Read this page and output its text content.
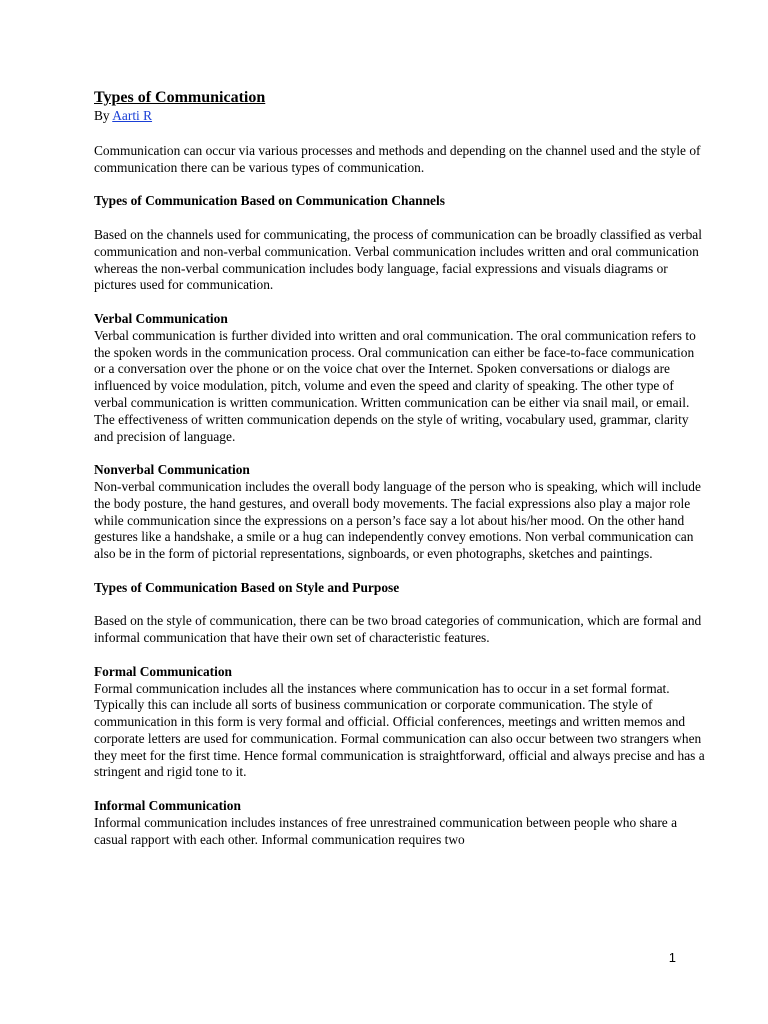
Types of Communication

By Aarti R

Communication can occur via various processes and methods and depending on the channel used and the style of communication there can be various types of communication.

Types of Communication Based on Communication Channels

Based on the channels used for communicating, the process of communication can be broadly classified as verbal communication and non-verbal communication. Verbal communication includes written and oral communication whereas the non-verbal communication includes body language, facial expressions and visuals diagrams or pictures used for communication.

Verbal Communication

Verbal communication is further divided into written and oral communication. The oral communication refers to the spoken words in the communication process. Oral communication can either be face-to-face communication or a conversation over the phone or on the voice chat over the Internet. Spoken conversations or dialogs are influenced by voice modulation, pitch, volume and even the speed and clarity of speaking. The other type of verbal communication is written communication. Written communication can be either via snail mail, or email. The effectiveness of written communication depends on the style of writing, vocabulary used, grammar, clarity and precision of language.

Nonverbal Communication

Non-verbal communication includes the overall body language of the person who is speaking, which will include the body posture, the hand gestures, and overall body movements. The facial expressions also play a major role while communication since the expressions on a person’s face say a lot about his/her mood. On the other hand gestures like a handshake, a smile or a hug can independently convey emotions. Non verbal communication can also be in the form of pictorial representations, signboards, or even photographs, sketches and paintings.

Types of Communication Based on Style and Purpose

Based on the style of communication, there can be two broad categories of communication, which are formal and informal communication that have their own set of characteristic features.

Formal Communication

Formal communication includes all the instances where communication has to occur in a set formal format. Typically this can include all sorts of business communication or corporate communication. The style of communication in this form is very formal and official. Official conferences, meetings and written memos and corporate letters are used for communication. Formal communication can also occur between two strangers when they meet for the first time. Hence formal communication is straightforward, official and always precise and has a stringent and rigid tone to it.

Informal Communication

Informal communication includes instances of free unrestrained communication between people who share a casual rapport with each other. Informal communication requires two

1
